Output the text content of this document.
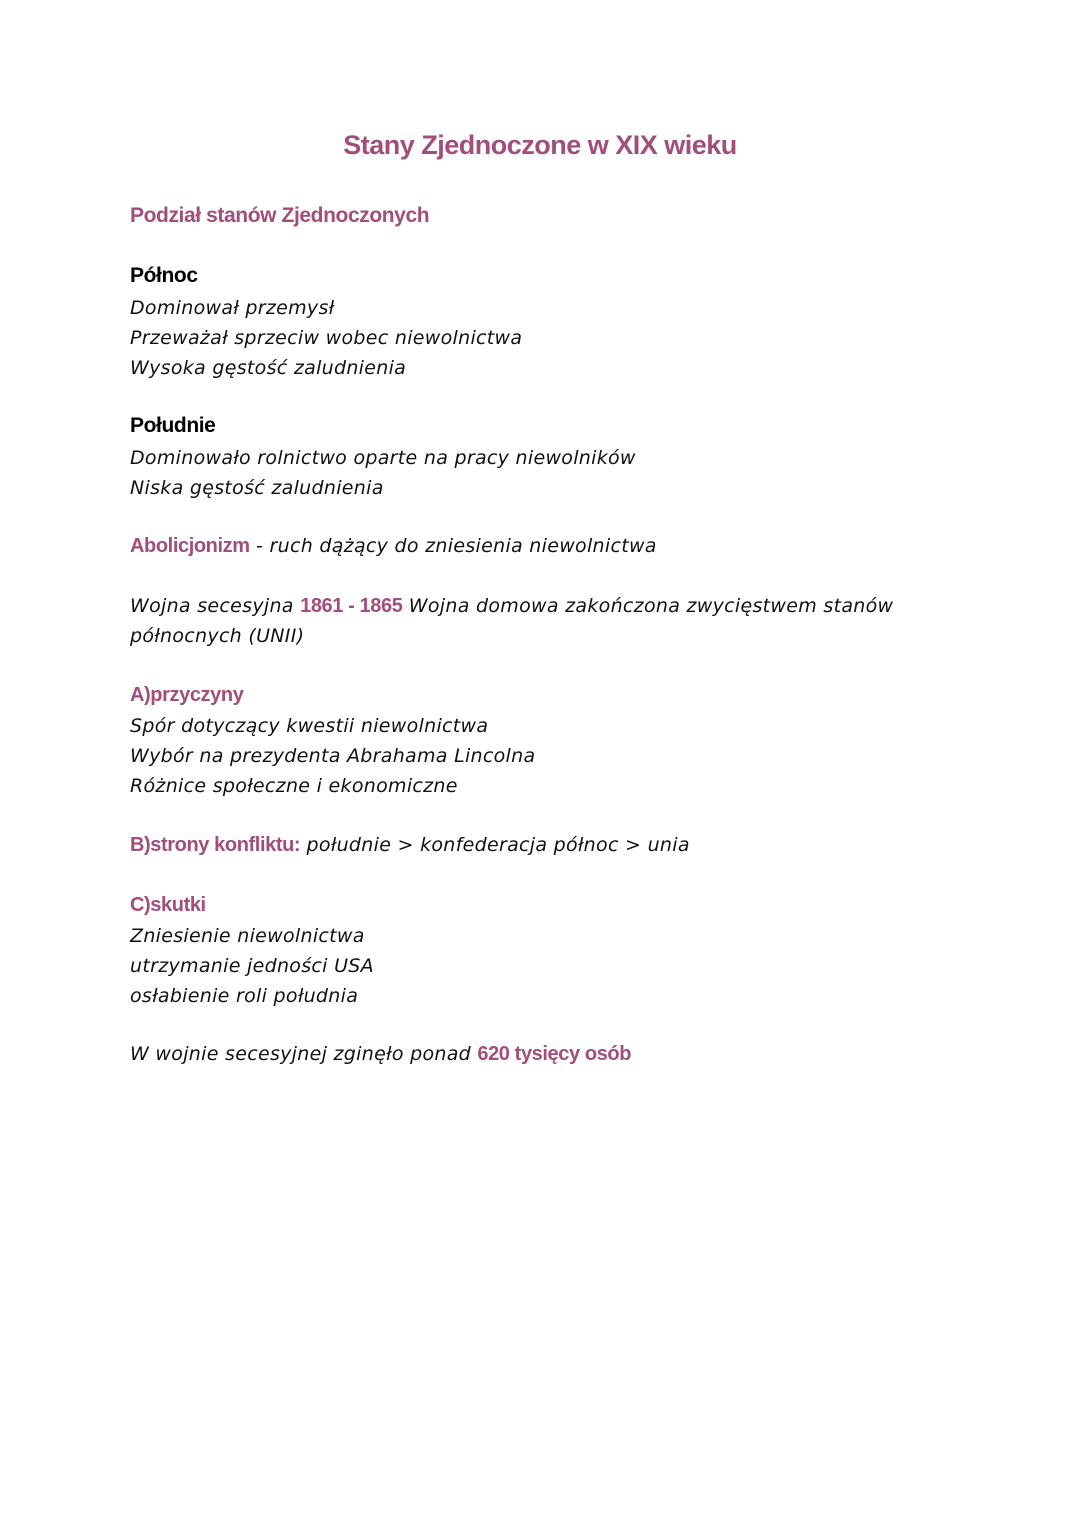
Stany Zjednoczone w XIX wieku
Podział stanów Zjednoczonych
Północ
Dominował przemysł
Przeważał sprzeciw wobec niewolnictwa
Wysoka gęstość zaludnienia
Południe
Dominowało rolnictwo oparte na pracy niewolników
Niska gęstość zaludnienia
Abolicjonizm - ruch dążący do zniesienia niewolnictwa
Wojna secesyjna 1861 - 1865 Wojna domowa zakończona zwycięstwem stanów
północnych (UNII)
A)przyczyny
Spór dotyczący kwestii niewolnictwa
Wybór na prezydenta Abrahama Lincolna
Różnice społeczne i ekonomiczne
B)strony konfliktu: południe > konfederacja północ > unia
C)skutki
Zniesienie niewolnictwa
utrzymanie jedności USA
osłabienie roli południa
W wojnie secesyjnej zginęło ponad 620 tysięcy osób
